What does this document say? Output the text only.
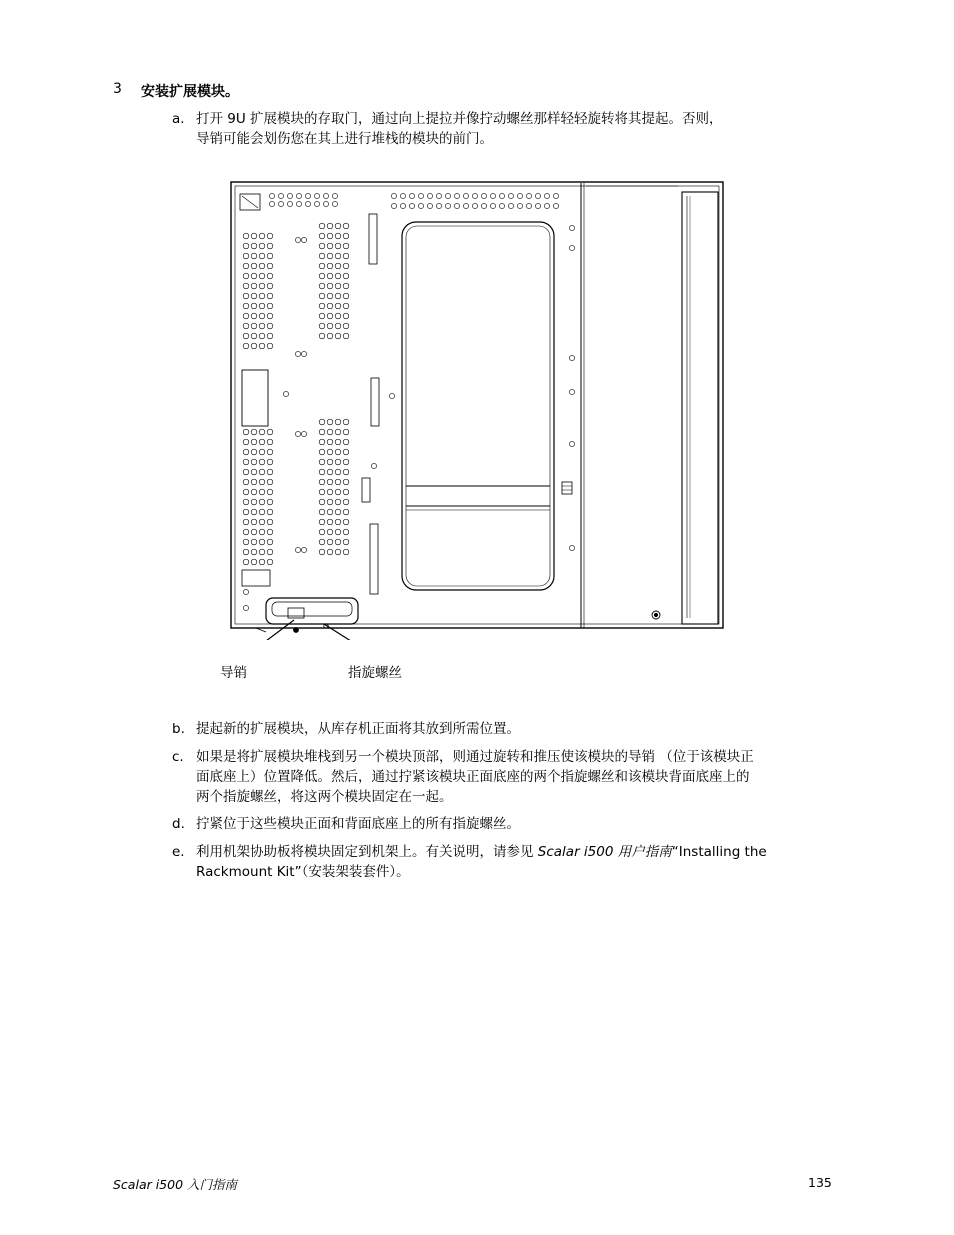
3 安装扩展模块。
a. 打开 9U 扩展模块的存取门，通过向上提拉并像拧动螺丝那样轻轻旋转将其提起。否则，
导销可能会划伤您在其上进行堆栈的模块的前门。
导销	指旋螺丝
b. 提起新的扩展模块，从库存机正面将其放到所需位置。
c. 如果是将扩展模块堆栈到另一个模块顶部，则通过旋转和推压使该模块的导销 （位于该模块正
面底座上）位置降低。然后，通过拧紧该模块正面底座的两个指旋螺丝和该模块背面底座上的
两个指旋螺丝，将这两个模块固定在一起。
d. 拧紧位于这些模块正面和背面底座上的所有指旋螺丝。
e. 利用机架协助板将模块固定到机架上。有关说明，请参见 Scalar i500 用户指南“Installing the
Rackmount Kit”（安装架装套件）。
Scalar i500 入门指南	135
